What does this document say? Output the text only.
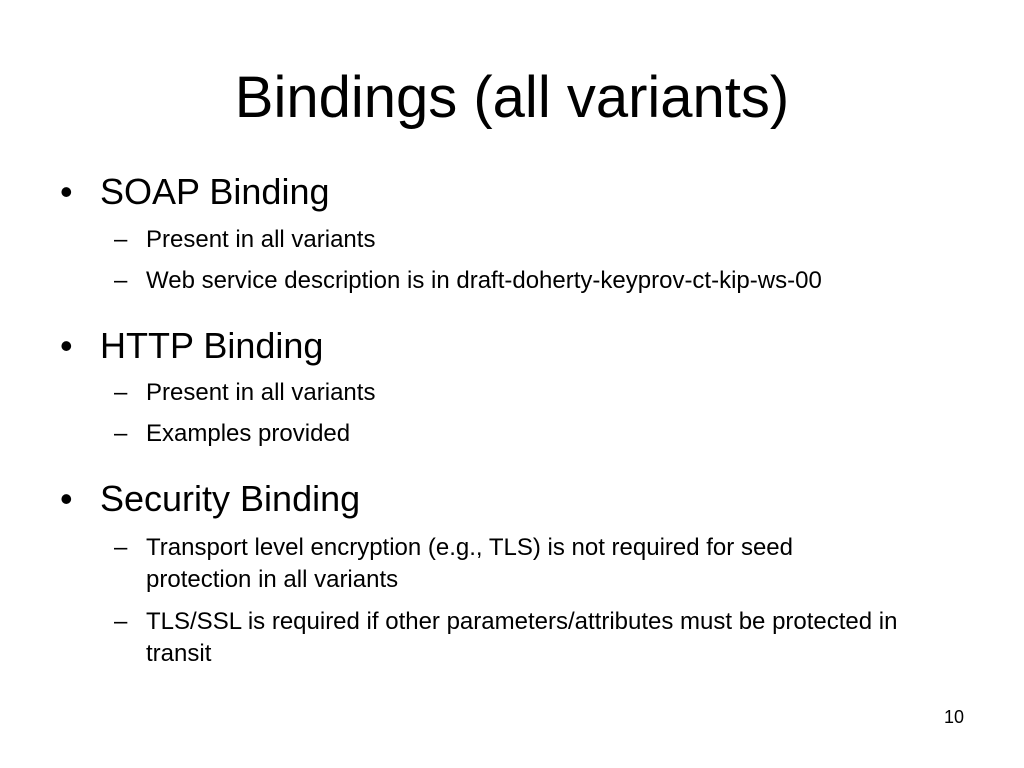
Bindings (all variants)
• SOAP Binding
– Present in all variants
– Web service description is in draft-doherty-keyprov-ct-kip-ws-00
• HTTP Binding
– Present in all variants
– Examples provided
• Security Binding
– Transport level encryption (e.g., TLS) is not required for seed protection in all variants
– TLS/SSL is required if other parameters/attributes must be protected in transit
10
